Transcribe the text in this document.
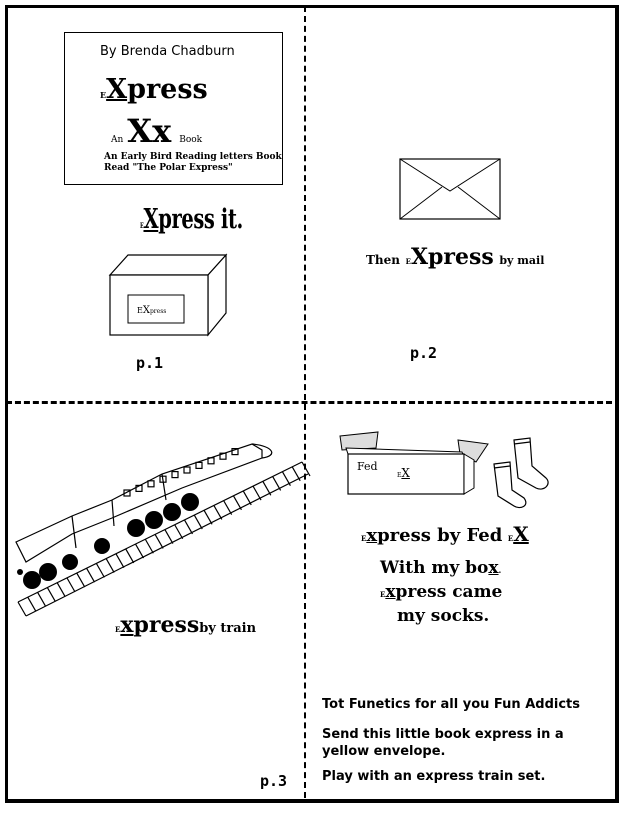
By Brenda Chadburn
EXpress
An Xx Book
An Early Bird Reading letters Book
Read "The Polar Express"
EXpress it.
EXpress
p.1
Then EXpress by mail
p.2
Expressby train
p.3
Fed
EX
Express by Fed EX
With my box.
Express came
my socks.
Tot Funetics for all you Fun Addicts
Send this little book express in a
yellow envelope.
Play with an express train set.
